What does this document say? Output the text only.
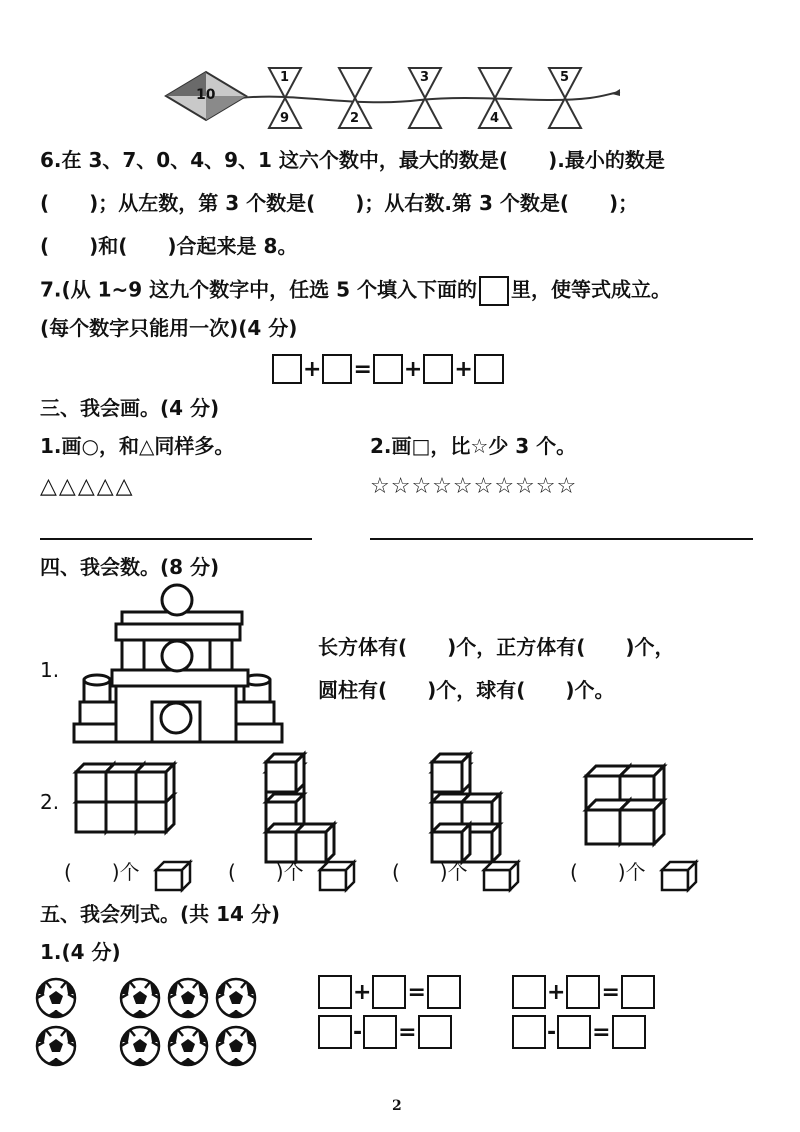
10
1
9	2
3
4
5
6.在 3、7、0、4、9、1 这六个数中，最大的数是(　　).最小的数是
(　　)；从左数，第 3 个数是(　　)；从右数.第 3 个数是(　　)；
(　　)和(　　)合起来是 8。
7.(从 1~9 这九个数字中，任选 5 个填入下面的 里，使等式成立。
(每个数字只能用一次)(4 分)
+ = + +
三、我会画。(4 分)
1.画○，和△同样多。	2.画□，比☆少 3 个。
△△△△△	☆☆☆☆☆☆☆☆☆☆
四、我会数。(8 分)
1.
长方体有(　　)个，正方体有(　　)个，
圆柱有(　　)个，球有(　　)个。
2.
(　　)个	(　　)个	(　　)个	(　　)个
五、我会列式。(共 14 分)
1.(4 分)
+ =
- =
+ =
- =
2
